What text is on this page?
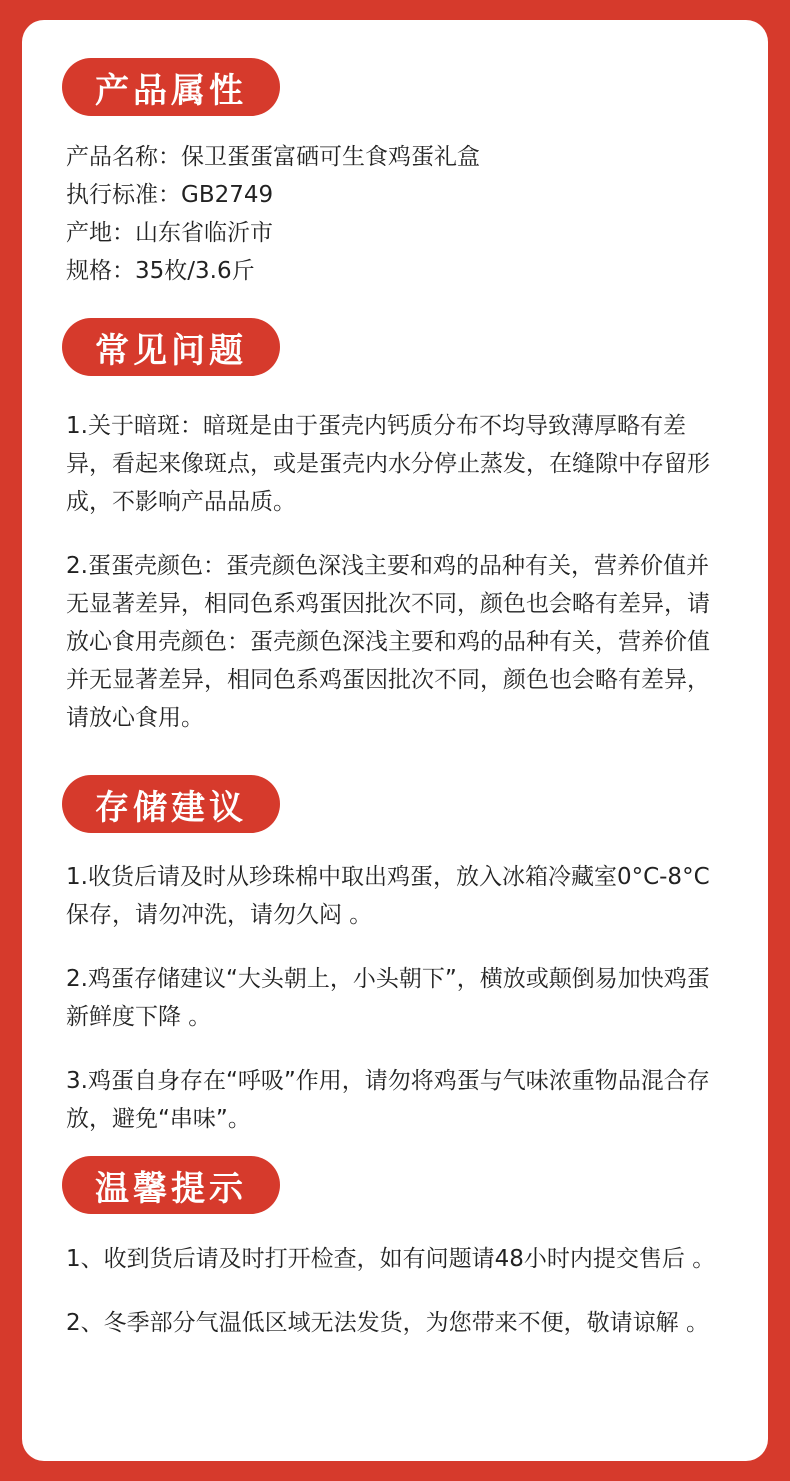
产品属性

产品名称：保卫蛋蛋富硒可生食鸡蛋礼盒

执行标准：GB2749

产地：山东省临沂市

规格：35枚/3.6斤

常见问题

1.关于暗斑：暗斑是由于蛋壳内钙质分布不均导致薄厚略有差异，看起来像斑点，或是蛋壳内水分停止蒸发，在缝隙中存留形成，不影响产品品质。

2.蛋蛋壳颜色：蛋壳颜色深浅主要和鸡的品种有关，营养价值并无显著差异，相同色系鸡蛋因批次不同，颜色也会略有差异，请放心食用壳颜色：蛋壳颜色深浅主要和鸡的品种有关，营养价值并无显著差异，相同色系鸡蛋因批次不同，颜色也会略有差异，请放心食用。

存储建议

1.收货后请及时从珍珠棉中取出鸡蛋，放入冰箱冷藏室0°C-8°C保存，请勿冲洗，请勿久闷 。

2.鸡蛋存储建议“大头朝上，小头朝下”，横放或颠倒易加快鸡蛋新鲜度下降 。

3.鸡蛋自身存在“呼吸”作用，请勿将鸡蛋与气味浓重物品混合存放，避免“串味”。

温馨提示

1、收到货后请及时打开检查，如有问题请48小时内提交售后 。

2、冬季部分气温低区域无法发货，为您带来不便，敬请谅解 。
